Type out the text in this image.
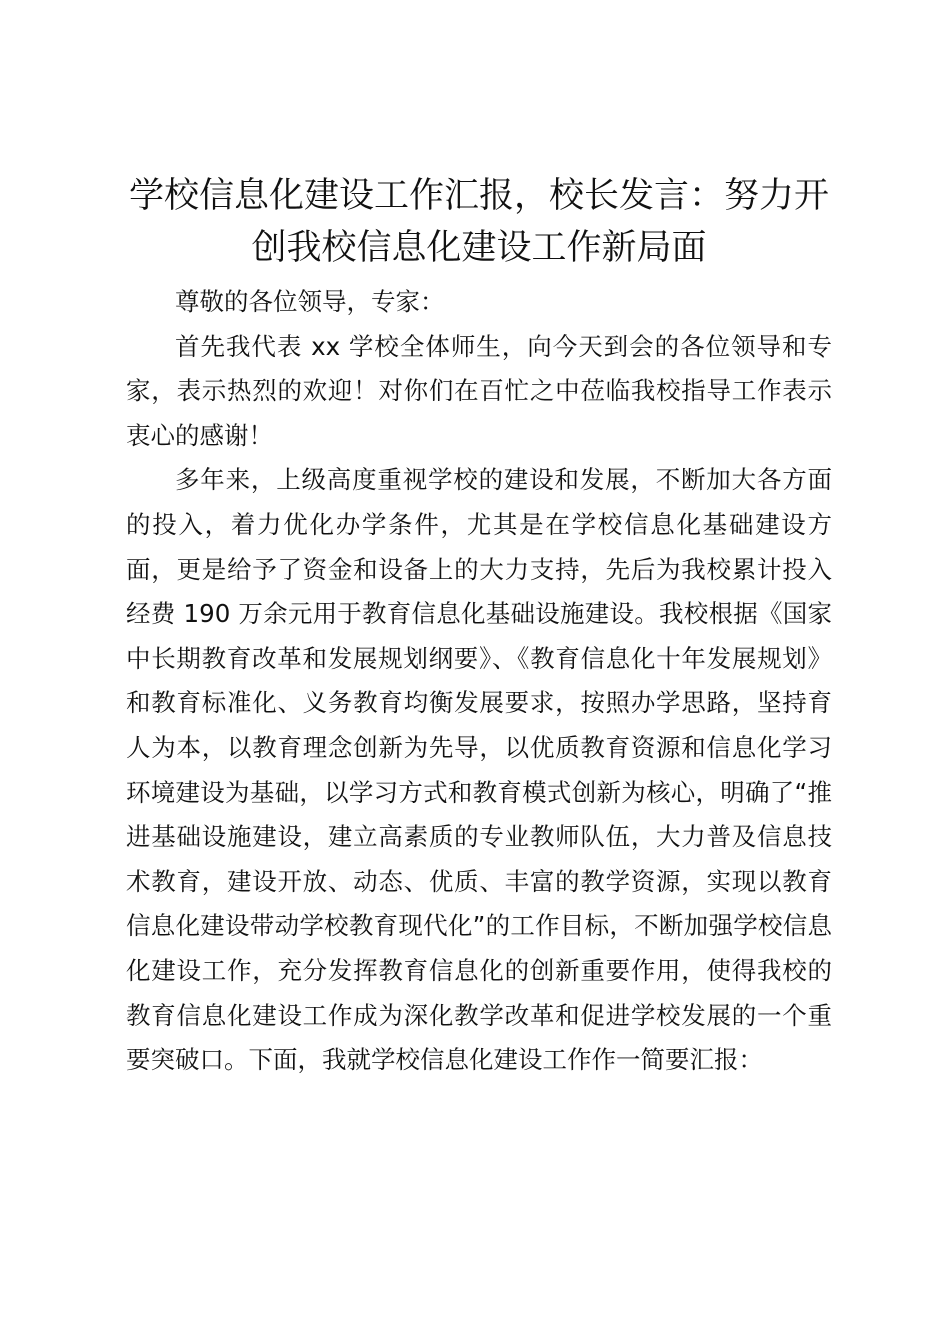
学校信息化建设工作汇报，校长发言：努力开创我校信息化建设工作新局面

尊敬的各位领导，专家：

首先我代表 xx 学校全体师生，向今天到会的各位领导和专家，表示热烈的欢迎！对你们在百忙之中莅临我校指导工作表示衷心的感谢！

多年来，上级高度重视学校的建设和发展，不断加大各方面的投入，着力优化办学条件，尤其是在学校信息化基础建设方面，更是给予了资金和设备上的大力支持，先后为我校累计投入经费 190 万余元用于教育信息化基础设施建设。我校根据《国家中长期教育改革和发展规划纲要》、《教育信息化十年发展规划》和教育标准化、义务教育均衡发展要求，按照办学思路，坚持育人为本，以教育理念创新为先导，以优质教育资源和信息化学习环境建设为基础，以学习方式和教育模式创新为核心，明确了“推进基础设施建设，建立高素质的专业教师队伍，大力普及信息技术教育，建设开放、动态、优质、丰富的教学资源，实现以教育信息化建设带动学校教育现代化”的工作目标，不断加强学校信息化建设工作，充分发挥教育信息化的创新重要作用，使得我校的教育信息化建设工作成为深化教学改革和促进学校发展的一个重要突破口。下面，我就学校信息化建设工作作一简要汇报：
